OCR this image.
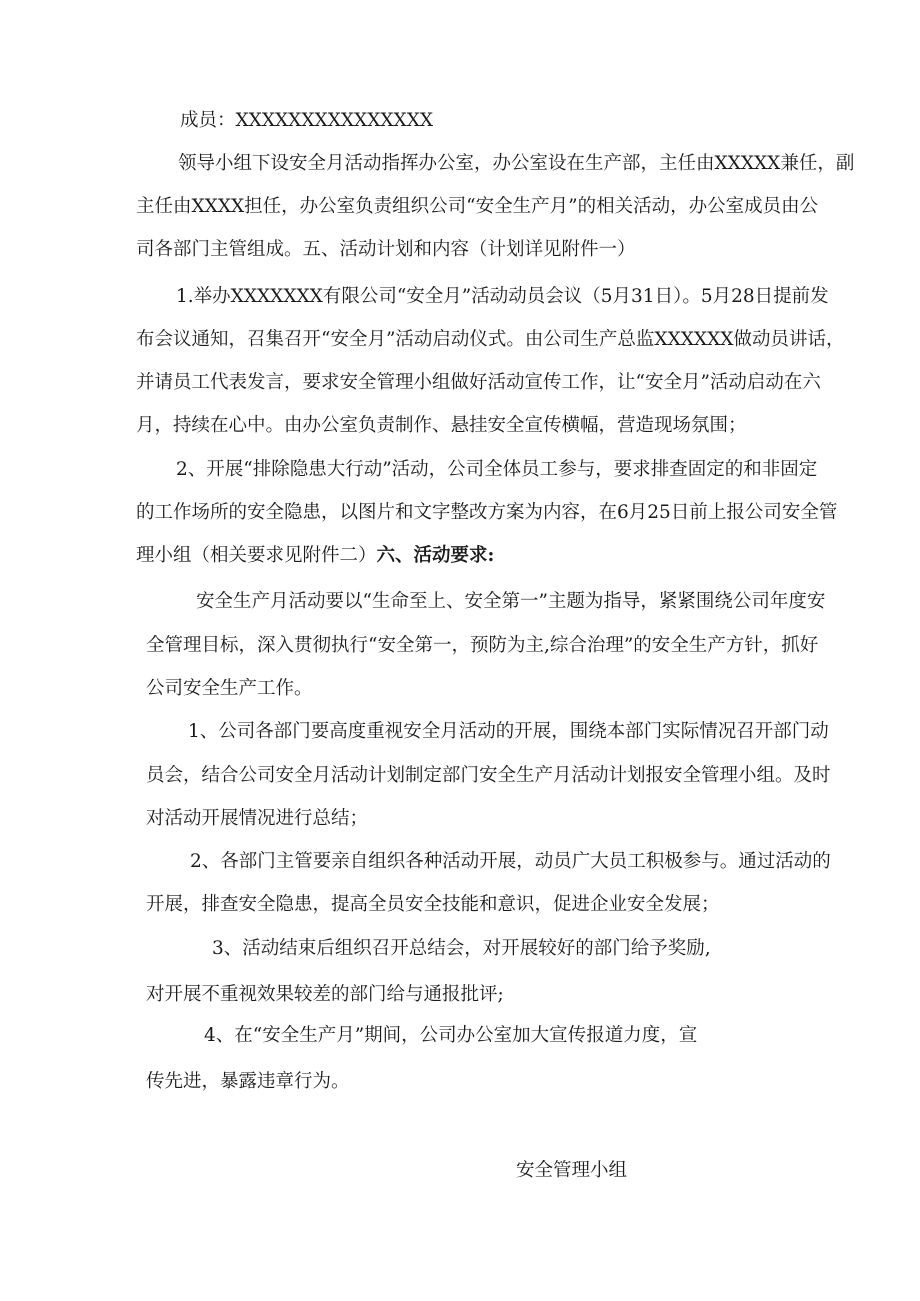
成员：XXXXXXXXXXXXXXX
领导小组下设安全月活动指挥办公室，办公室设在生产部，主任由XXXXX兼任，副
主任由XXXX担任，办公室负责组织公司“安全生产月”的相关活动，办公室成员由公
司各部门主管组成。五、活动计划和内容（计划详见附件一）
1.举办XXXXXXX有限公司“安全月”活动动员会议（5月31日）。5月28日提前发
布会议通知，召集召开“安全月”活动启动仪式。由公司生产总监XXXXXX做动员讲话，
并请员工代表发言，要求安全管理小组做好活动宣传工作，让“安全月”活动启动在六
月，持续在心中。由办公室负责制作、悬挂安全宣传横幅，营造现场氛围；
2、开展“排除隐患大行动”活动，公司全体员工参与，要求排查固定的和非固定
的工作场所的安全隐患，以图片和文字整改方案为内容，在6月25日前上报公司安全管
理小组（相关要求见附件二）六、活动要求:
安全生产月活动要以“生命至上、安全第一”主题为指导，紧紧围绕公司年度安
全管理目标，深入贯彻执行“安全第一，预防为主,综合治理”的安全生产方针，抓好
公司安全生产工作。
1、公司各部门要高度重视安全月活动的开展，围绕本部门实际情况召开部门动
员会，结合公司安全月活动计划制定部门安全生产月活动计划报安全管理小组。及时
对活动开展情况进行总结；
2、各部门主管要亲自组织各种活动开展，动员广大员工积极参与。通过活动的
开展，排查安全隐患，提高全员安全技能和意识，促进企业安全发展；
3、活动结束后组织召开总结会，对开展较好的部门给予奖励,
对开展不重视效果较差的部门给与通报批评;
4、在“安全生产月”期间，公司办公室加大宣传报道力度，宣
传先进，暴露违章行为。
安全管理小组
